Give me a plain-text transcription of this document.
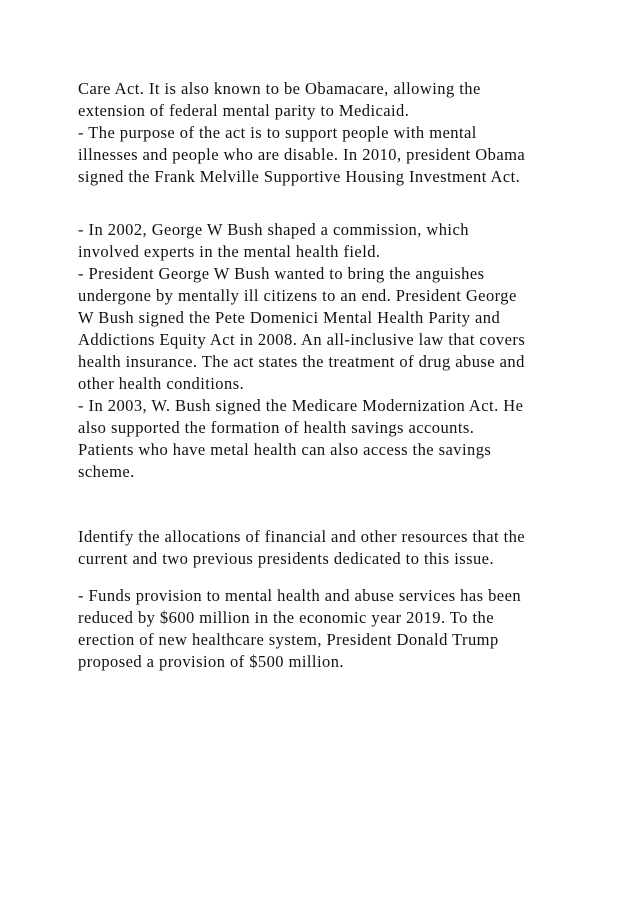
Care Act. It is also known to be Obamacare, allowing the
extension of federal mental parity to Medicaid.
- The purpose of the act is to support people with mental
illnesses and people who are disable. In 2010, president Obama
signed the Frank Melville Supportive Housing Investment Act.
- In 2002, George W Bush shaped a commission, which
involved experts in the mental health field.
- President George W Bush wanted to bring the anguishes
undergone by mentally ill citizens to an end. President George
W Bush signed the Pete Domenici Mental Health Parity and
Addictions Equity Act in 2008. An all-inclusive law that covers
health insurance. The act states the treatment of drug abuse and
other health conditions.
- In 2003, W. Bush signed the Medicare Modernization Act. He
also supported the formation of health savings accounts.
Patients who have metal health can also access the savings
scheme.
Identify the allocations of financial and other resources that the
current and two previous presidents dedicated to this issue.
- Funds provision to mental health and abuse services has been
reduced by $600 million in the economic year 2019. To the
erection of new healthcare system, President Donald Trump
proposed a provision of $500 million.
